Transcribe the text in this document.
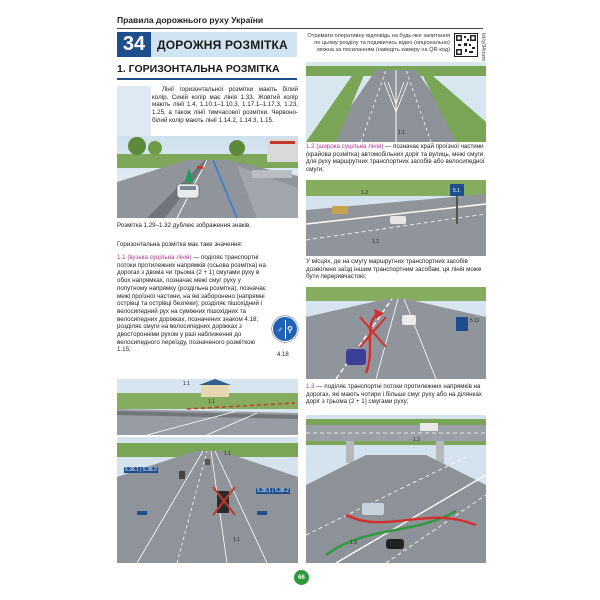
Правила дорожнього руху України
34 ДОРОЖНЯ РОЗМІТКА
Отримати оперативну відповідь на будь-яке запитання по цьому розділу та подивитись відео (опціонально) можна за посиланням (наведіть камеру на QR-код)	kit.ly/34rozm
1. ГОРИЗОНТАЛЬНА РОЗМІТКА
Лінії горизонтальної розмітки мають білий колір. Синій колір має лінія 1.33. Жовтий колір мають лінії 1.4, 1.10.1–1.10.3, 1.17.1–1.17.3, 1.23, 1.25, а також лінії тимчасової розмітки. Червоно-білий колір мають лінії 1.14.2, 1.14.3, 1.15.
Розмітка 1.29–1.32 дублює зображення знаків.
Горизонтальна розмітка має таке значення:
1.1 (вузька суцільна лінія) — поділяє транспортні потоки протилежних напрямків (осьова розмітка) на дорогах з двома чи трьома (2 + 1) смугами руху в обох напрямках, позначає межі смуг руху у попутному напрямку (роздільна розмітка), позначає межі проїзної частини, на які заборонено (напрямні острівці та острівці безпеки); розділяє пішохідний і велосипедний рух на суміжних пішохідних та велосипедних доріжках, позначених знаком 4.18; розділяє смуги на велосипедних доріжках з двосторонніми рухом у разі наближення до велосипедного переїзду, позначеного розміткою 1.15;
♂ ⚲
4.18
1.1
1.1
5.38.1 | 5.38.2
5.38.1 | 5.38.2
1.1
1.1
1.1
1.2 (широка суцільна лінія) — позначає край проїзної частини (крайова розмітка) автомобільних доріг та вулиць, межі смуги для руху маршрутних транспортних засобів або велосипедної смуги;
1.2
1.2
5.1
У місцях, де на смугу маршрутних транспортних засобів дозволено заїзд іншим транспортним засобам, ця лінія може бути переривчастою;
5.11
1.3 — поділяє транспортні потоки протилежних напрямків на дорогах, які мають чотири і більше смуг руху або на ділянках доріг з трьома (2 + 1) смугами руху;
1.3
1.3
66
